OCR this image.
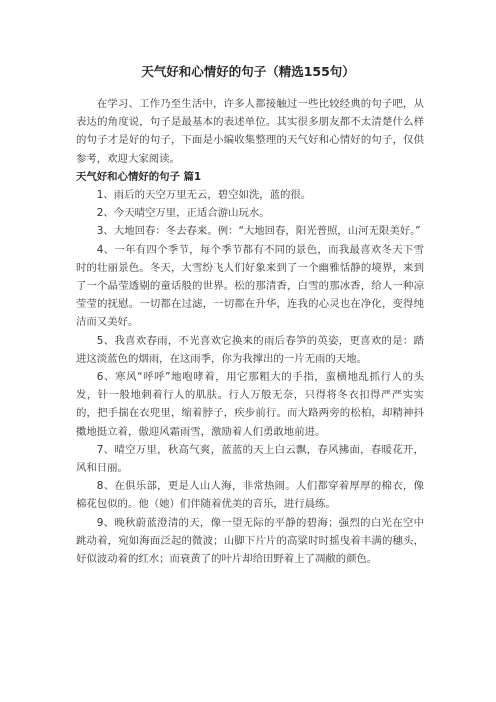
天气好和心情好的句子（精选155句）

在学习、工作乃至生活中，许多人都接触过一些比较经典的句子吧，从表达的角度说，句子是最基本的表述单位。其实很多朋友都不太清楚什么样的句子才是好的句子，下面是小编收集整理的天气好和心情好的句子，仅供参考，欢迎大家阅读。

天气好和心情好的句子 篇1

1、雨后的天空万里无云，碧空如洗，蓝的很。

2、今天晴空万里，正适合游山玩水。

3、大地回春：冬去春来。例：“大地回春，阳光普照，山河无限美好。”

4、一年有四个季节，每个季节都有不同的景色，而我最喜欢冬天下雪时的壮丽景色。冬天，大雪纷飞人们好象来到了一个幽雅恬静的境界，来到了一个晶莹透剔的童话般的世界。松的那清香，白雪的那冰香，给人一种凉莹莹的抚慰。一切都在过滤，一切都在升华，连我的心灵也在净化，变得纯洁而又美好。

5、我喜欢春雨，不光喜欢它换来的雨后春笋的英姿，更喜欢的是：踏进这淡蓝色的烟雨，在这雨季，你为我撑出的一片无雨的天地。

6、寒风“呼呼”地咆哮着，用它那粗大的手指，蛮横地乱抓行人的头发，针一般地刺着行人的肌肤。行人万般无奈，只得将冬衣扣得严严实实的，把手揣在衣兜里，缩着脖子，疾步前行。而大路两旁的松柏，却精神抖擞地挺立着，傲迎风霜雨雪，激励着人们勇敢地前进。

7、晴空万里，秋高气爽，蓝蓝的天上白云飘，春风拂面，春暖花开，风和日丽。

8、在俱乐部，更是人山人海，非常热闹。人们都穿着厚厚的棉衣，像棉花包似的。他（她）们伴随着优美的音乐，进行晨练。

9、晚秋蔚蓝澄清的天，像一望无际的平静的碧海；强烈的白光在空中跳动着，宛如海面泛起的微波；山脚下片片的高粱时时摇曳着丰满的穗头，好似波动着的红水；而衰黄了的叶片却给田野着上了凋敝的颜色。
